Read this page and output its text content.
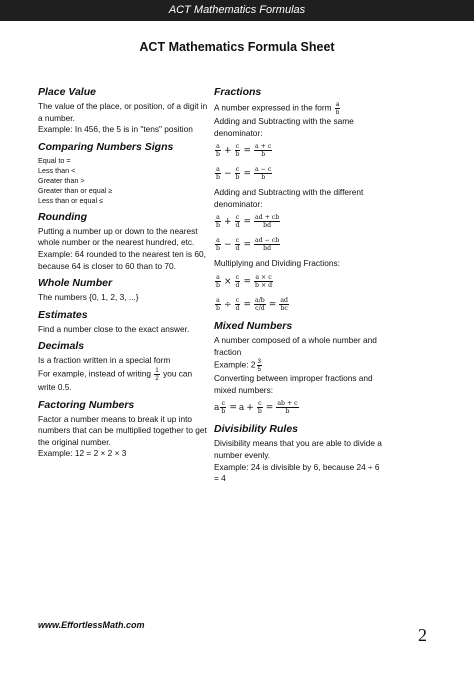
ACT Mathematics Formulas
ACT Mathematics Formula Sheet

Place Value

The value of the place, or position, of a digit in a number.

Example: In 456, the 5 is in "tens" position

Comparing Numbers Signs

Equal to =

Less than <

Greater than >

Greater than or equal ≥

Less than or equal ≤

Rounding

Putting a number up or down to the nearest whole number or the nearest hundred, etc.

Example: 64 rounded to the nearest ten is 60, because 64 is closer to 60 than to 70.

Whole Number

The numbers {0, 1, 2, 3, ...}

Estimates

Find a number close to the exact answer.

Decimals

Is a fraction written in a special form

For example, instead of writing $\frac{1}{2}$ you can write 0.5.

Factoring Numbers

Factor a number means to break it up into numbers that can be multiplied together to get the original number.

Example: 12 = 2 × 2 × 3

Fractions

A number expressed in the form $\frac{a}{b}$

Adding and Subtracting with the same denominator:

$\frac{a}{b} + \frac{c}{b} = \frac{a + c}{b}$
$\frac{a}{b} - \frac{c}{b} = \frac{a - c}{b}$

Adding and Subtracting with the different denominator:

$\frac{a}{b} + \frac{c}{d} = \frac{ad + cb}{bd}$
$\frac{a}{b} - \frac{c}{d} = \frac{ad - cb}{bd}$

Multiplying and Dividing Fractions:

$\frac{a}{b} \times \frac{c}{d} = \frac{a \times c}{b \times d}$
$\frac{a}{b} \div \frac{c}{d} = \frac{a/b}{c/d} = \frac{ad}{bc}$

Mixed Numbers

A number composed of a whole number and fraction

Example: $2 \frac{3}{5}$

Converting between improper fractions and mixed numbers:

a $\frac{c}{b} = a + \frac{c}{b} = \frac{ab + c}{b}$

Divisibility Rules

Divisibility means that you are able to divide a number evenly.

Example: 24 is divisible by 6, because 24 ÷ 6 = 4

www.EffortlessMath.com	2
